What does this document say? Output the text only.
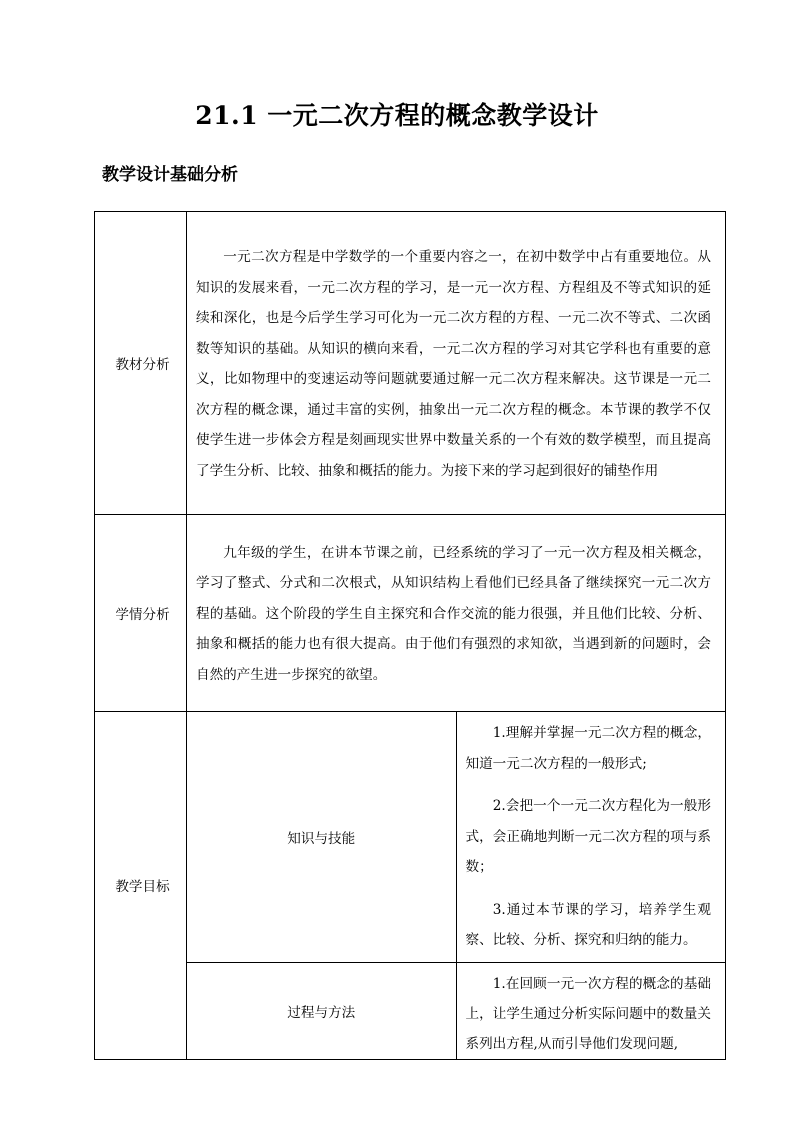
21.1 一元二次方程的概念教学设计
教学设计基础分析
教材分析	一元二次方程是中学数学的一个重要内容之一，在初中数学中占有重要地位。从知识的发展来看，一元二次方程的学习，是一元一次方程、方程组及不等式知识的延续和深化，也是今后学生学习可化为一元二次方程的方程、一元二次不等式、二次函数等知识的基础。从知识的横向来看，一元二次方程的学习对其它学科也有重要的意义，比如物理中的变速运动等问题就要通过解一元二次方程来解决。这节课是一元二次方程的概念课，通过丰富的实例，抽象出一元二次方程的概念。本节课的教学不仅使学生进一步体会方程是刻画现实世界中数量关系的一个有效的数学模型，而且提高了学生分析、比较、抽象和概括的能力。为接下来的学习起到很好的铺垫作用	

学情分析	九年级的学生，在讲本节课之前，已经系统的学习了一元一次方程及相关概念，学习了整式、分式和二次根式，从知识结构上看他们已经具备了继续探究一元二次方程的基础。这个阶段的学生自主探究和合作交流的能力很强，并且他们比较、分析、抽象和概括的能力也有很大提高。由于他们有强烈的求知欲，当遇到新的问题时，会自然的产生进一步探究的欲望。	

教学目标	知识与技能	1.理解并掌握一元二次方程的概念，知道一元二次方程的一般形式;

2.会把一个一元二次方程化为一般形式，会正确地判断一元二次方程的项与系数；

3.通过本节课的学习，培养学生观察、比较、分析、探究和归纳的能力。

	过程与方法	1.在回顾一元一次方程的概念的基础上，让学生通过分析实际问题中的数量关系列出方程,从而引导他们发现问题,
